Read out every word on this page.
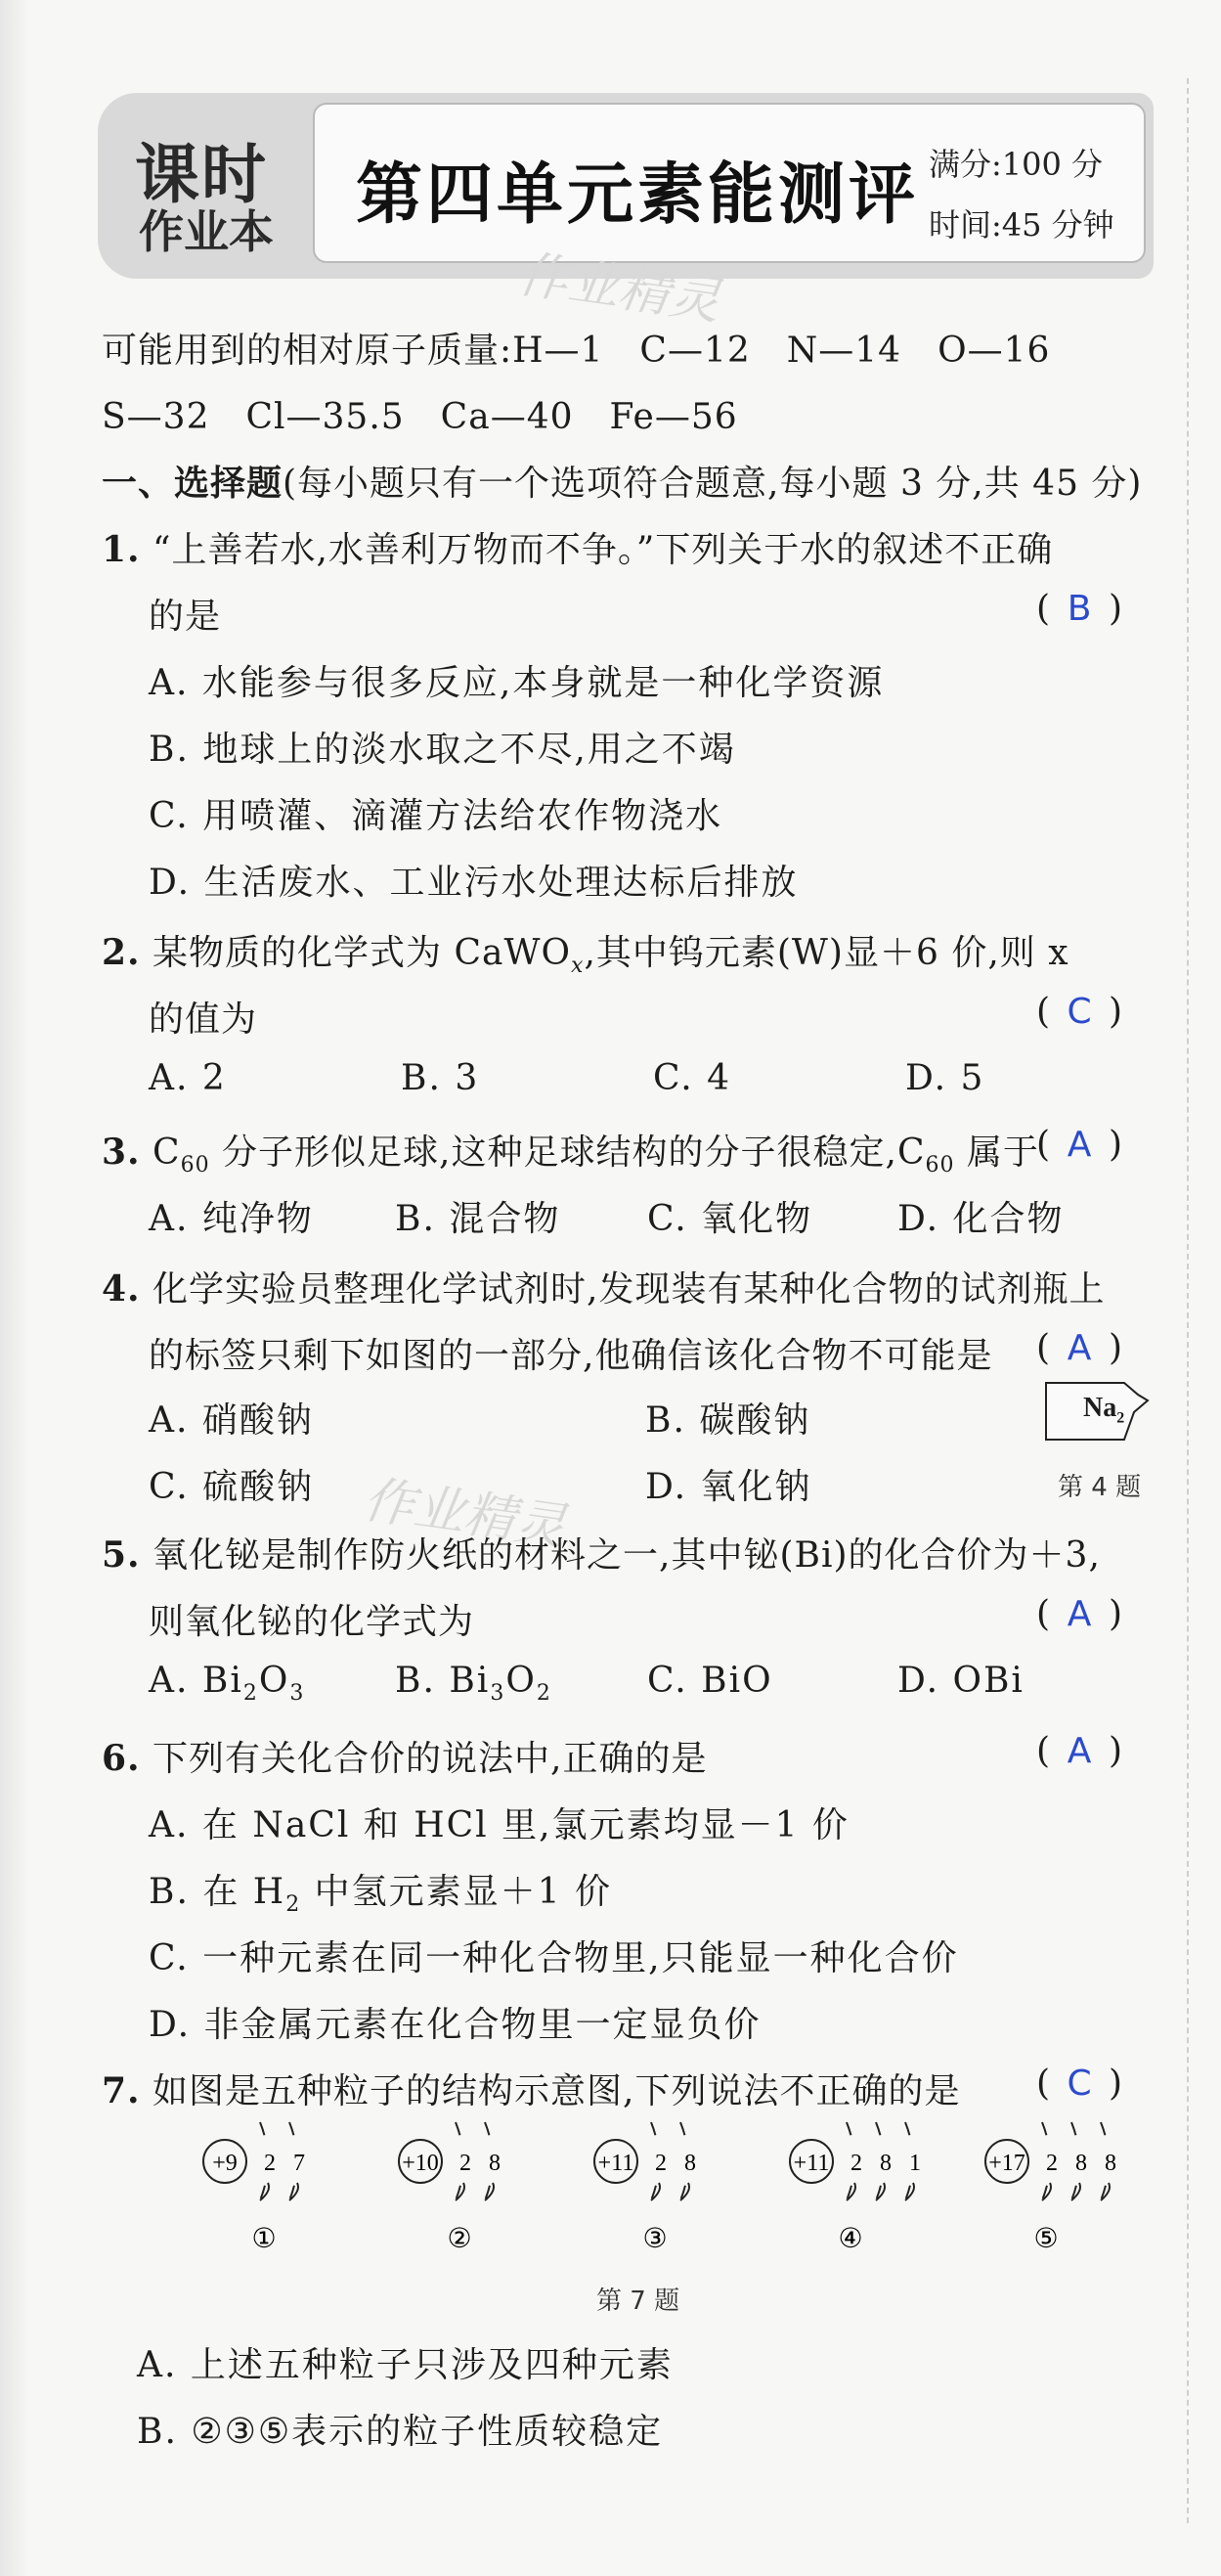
课时
作业本 第四单元素能测评 满分:100 分
时间:45 分钟
作业精灵
作业精灵
可能用到的相对原子质量:H—1　C—12　N—14　O—16
S—32　Cl—35.5　Ca—40　Fe—56
一、选择题(每小题只有一个选项符合题意,每小题 3 分,共 45 分)
1. “上善若水,水善利万物而不争。”下列关于水的叙述不正确
的是	( B )
A. 水能参与很多反应,本身就是一种化学资源
B. 地球上的淡水取之不尽,用之不竭
C. 用喷灌、滴灌方法给农作物浇水
D. 生活废水、工业污水处理达标后排放
2. 某物质的化学式为 CaWO$_x$,其中钨元素(W)显＋6 价,则 x
的值为	( C )
A. 2	B. 3	C. 4	D. 5
3. $C_{60}$ 分子形似足球,这种足球结构的分子很稳定$,C_{60}$ 属于
( A )
A. 纯净物 B. 混合物 C. 氧化物 D. 化合物
4. 化学实验员整理化学试剂时,发现装有某种化合物的试剂瓶上
的标签只剩下如图的一部分,他确信该化合物不可能是 ( A )
A. 硝酸钠	B. 碳酸钠
C. 硫酸钠	D. 氧化钠
$Na_2$
第 4 题
5. 氧化铋是制作防火纸的材料之一,其中铋(Bi)的化合价为＋3,
则氧化铋的化学式为	( A )
A. $Bi_2O_3$	B. $Bi_3O_2$	C. BiO	D. OBi
6. 下列有关化合价的说法中,正确的是	( A )
A. 在 NaCl 和 HCl 里,氯元素均显－1 价
B. 在 $H_2$ 中氢元素显＋1 价
C. 一种元素在同一种化合物里,只能显一种化合价
D. 非金属元素在化合物里一定显负价
7. 如图是五种粒子的结构示意图,下列说法不正确的是 ( C )
+9 2 7
①
+10 2 8
②
+11 2 8
③
+11 2 8 1
④
+17 2 8 8
⑤
第 7 题
A. 上述五种粒子只涉及四种元素
B. ②③⑤表示的粒子性质较稳定
